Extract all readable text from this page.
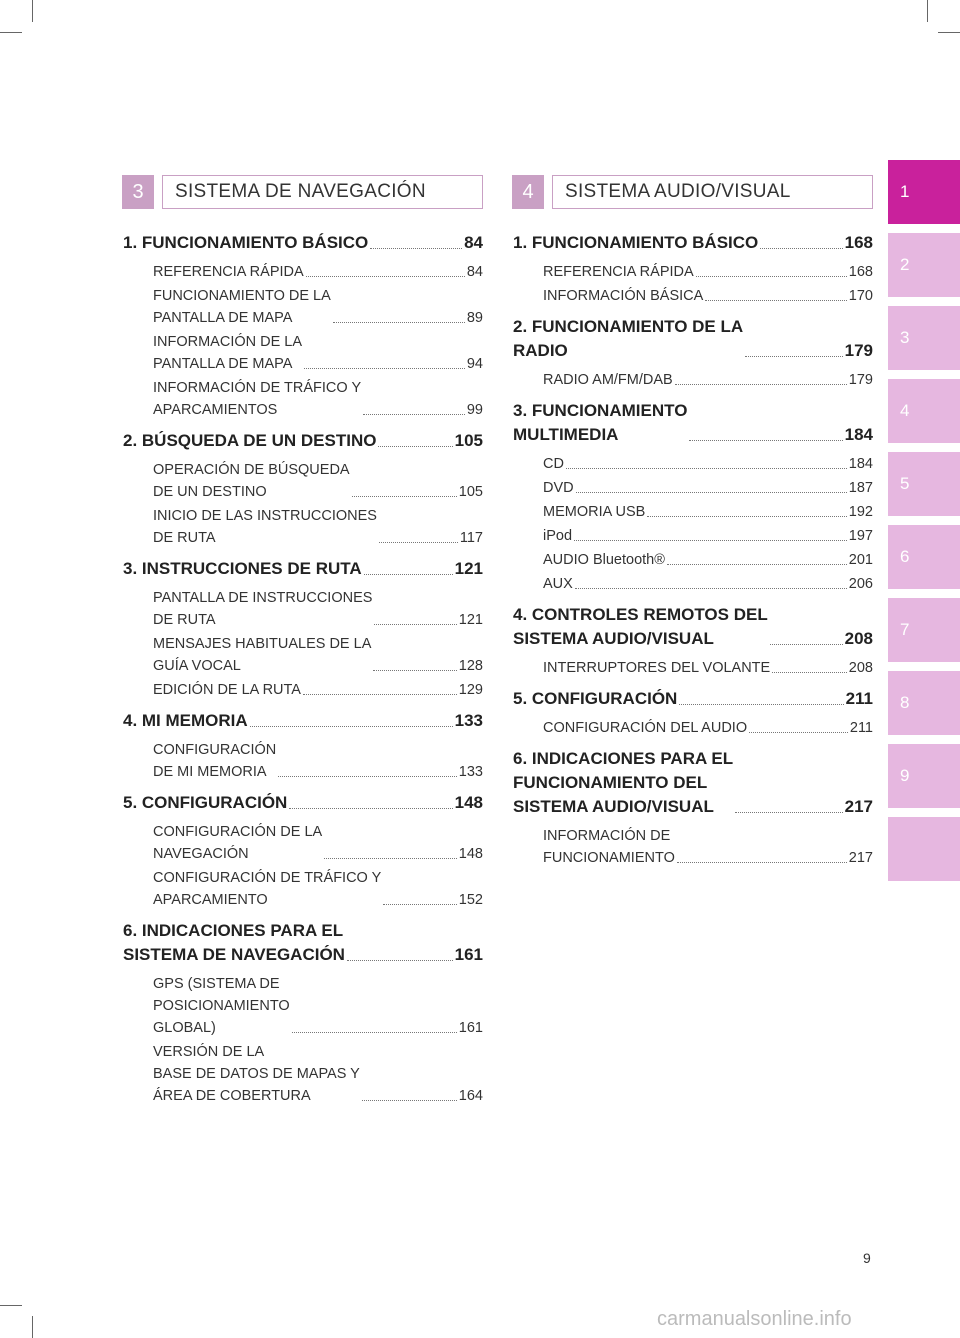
1
2
3
4
5
6
7
8
9
3	SISTEMA DE NAVEGACIÓN	4	SISTEMA AUDIO/VISUAL
1. FUNCIONAMIENTO BÁSICO	84
REFERENCIA RÁPIDA	84
FUNCIONAMIENTO DE LA
PANTALLA DE MAPA	89
INFORMACIÓN DE LA
PANTALLA DE MAPA	94
INFORMACIÓN DE TRÁFICO Y
APARCAMIENTOS	99
2. BÚSQUEDA DE UN DESTINO	105
OPERACIÓN DE BÚSQUEDA
DE UN DESTINO	105
INICIO DE LAS INSTRUCCIONES
DE RUTA	117
3. INSTRUCCIONES DE RUTA	121
PANTALLA DE INSTRUCCIONES
DE RUTA	121
MENSAJES HABITUALES DE LA
GUÍA VOCAL	128
EDICIÓN DE LA RUTA	129
4. MI MEMORIA	133
CONFIGURACIÓN
DE MI MEMORIA	133
5. CONFIGURACIÓN	148
CONFIGURACIÓN DE LA
NAVEGACIÓN	148
CONFIGURACIÓN DE TRÁFICO Y
APARCAMIENTO	152
6. INDICACIONES PARA EL
SISTEMA DE NAVEGACIÓN	161
GPS (SISTEMA DE
POSICIONAMIENTO
GLOBAL)	161
VERSIÓN DE LA
BASE DE DATOS DE MAPAS Y
ÁREA DE COBERTURA	164
1. FUNCIONAMIENTO BÁSICO	168
REFERENCIA RÁPIDA	168
INFORMACIÓN BÁSICA	170
2. FUNCIONAMIENTO DE LA
RADIO	179
RADIO AM/FM/DAB	179
3. FUNCIONAMIENTO
MULTIMEDIA	184
CD	184
DVD	187
MEMORIA USB	192
iPod	197
AUDIO Bluetooth®	201
AUX	206
4. CONTROLES REMOTOS DEL
SISTEMA AUDIO/VISUAL	208
INTERRUPTORES DEL VOLANTE	208
5. CONFIGURACIÓN	211
CONFIGURACIÓN DEL AUDIO	211
6. INDICACIONES PARA EL
FUNCIONAMIENTO DEL
SISTEMA AUDIO/VISUAL	217
INFORMACIÓN DE
FUNCIONAMIENTO	217
9
carmanualsonline.info
